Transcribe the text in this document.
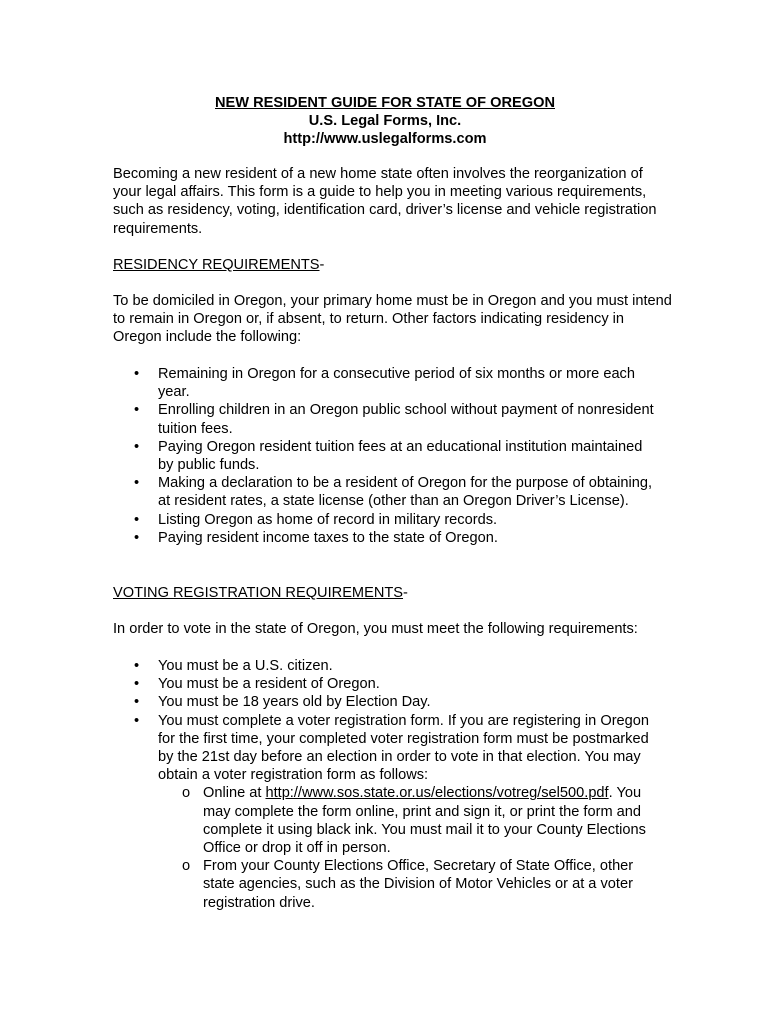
NEW RESIDENT GUIDE FOR STATE OF OREGON
U.S. Legal Forms, Inc.
http://www.uslegalforms.com
Becoming a new resident of a new home state often involves the reorganization of your legal affairs. This form is a guide to help you in meeting various requirements, such as residency, voting, identification card, driver’s license and vehicle registration requirements.
RESIDENCY REQUIREMENTS-
To be domiciled in Oregon, your primary home must be in Oregon and you must intend to remain in Oregon or, if absent, to return. Other factors indicating residency in Oregon include the following:
• Remaining in Oregon for a consecutive period of six months or more each year.
• Enrolling children in an Oregon public school without payment of nonresident tuition fees.
• Paying Oregon resident tuition fees at an educational institution maintained by public funds.
• Making a declaration to be a resident of Oregon for the purpose of obtaining, at resident rates, a state license (other than an Oregon Driver’s License).
• Listing Oregon as home of record in military records.
• Paying resident income taxes to the state of Oregon.
VOTING REGISTRATION REQUIREMENTS-
In order to vote in the state of Oregon, you must meet the following requirements:
• You must be a U.S. citizen.
• You must be a resident of Oregon.
• You must be 18 years old by Election Day.
• You must complete a voter registration form. If you are registering in Oregon for the first time, your completed voter registration form must be postmarked by the 21st day before an election in order to vote in that election. You may obtain a voter registration form as follows:
o Online at http://www.sos.state.or.us/elections/votreg/sel500.pdf. You may complete the form online, print and sign it, or print the form and complete it using black ink. You must mail it to your County Elections Office or drop it off in person.
o From your County Elections Office, Secretary of State Office, other state agencies, such as the Division of Motor Vehicles or at a voter registration drive.
